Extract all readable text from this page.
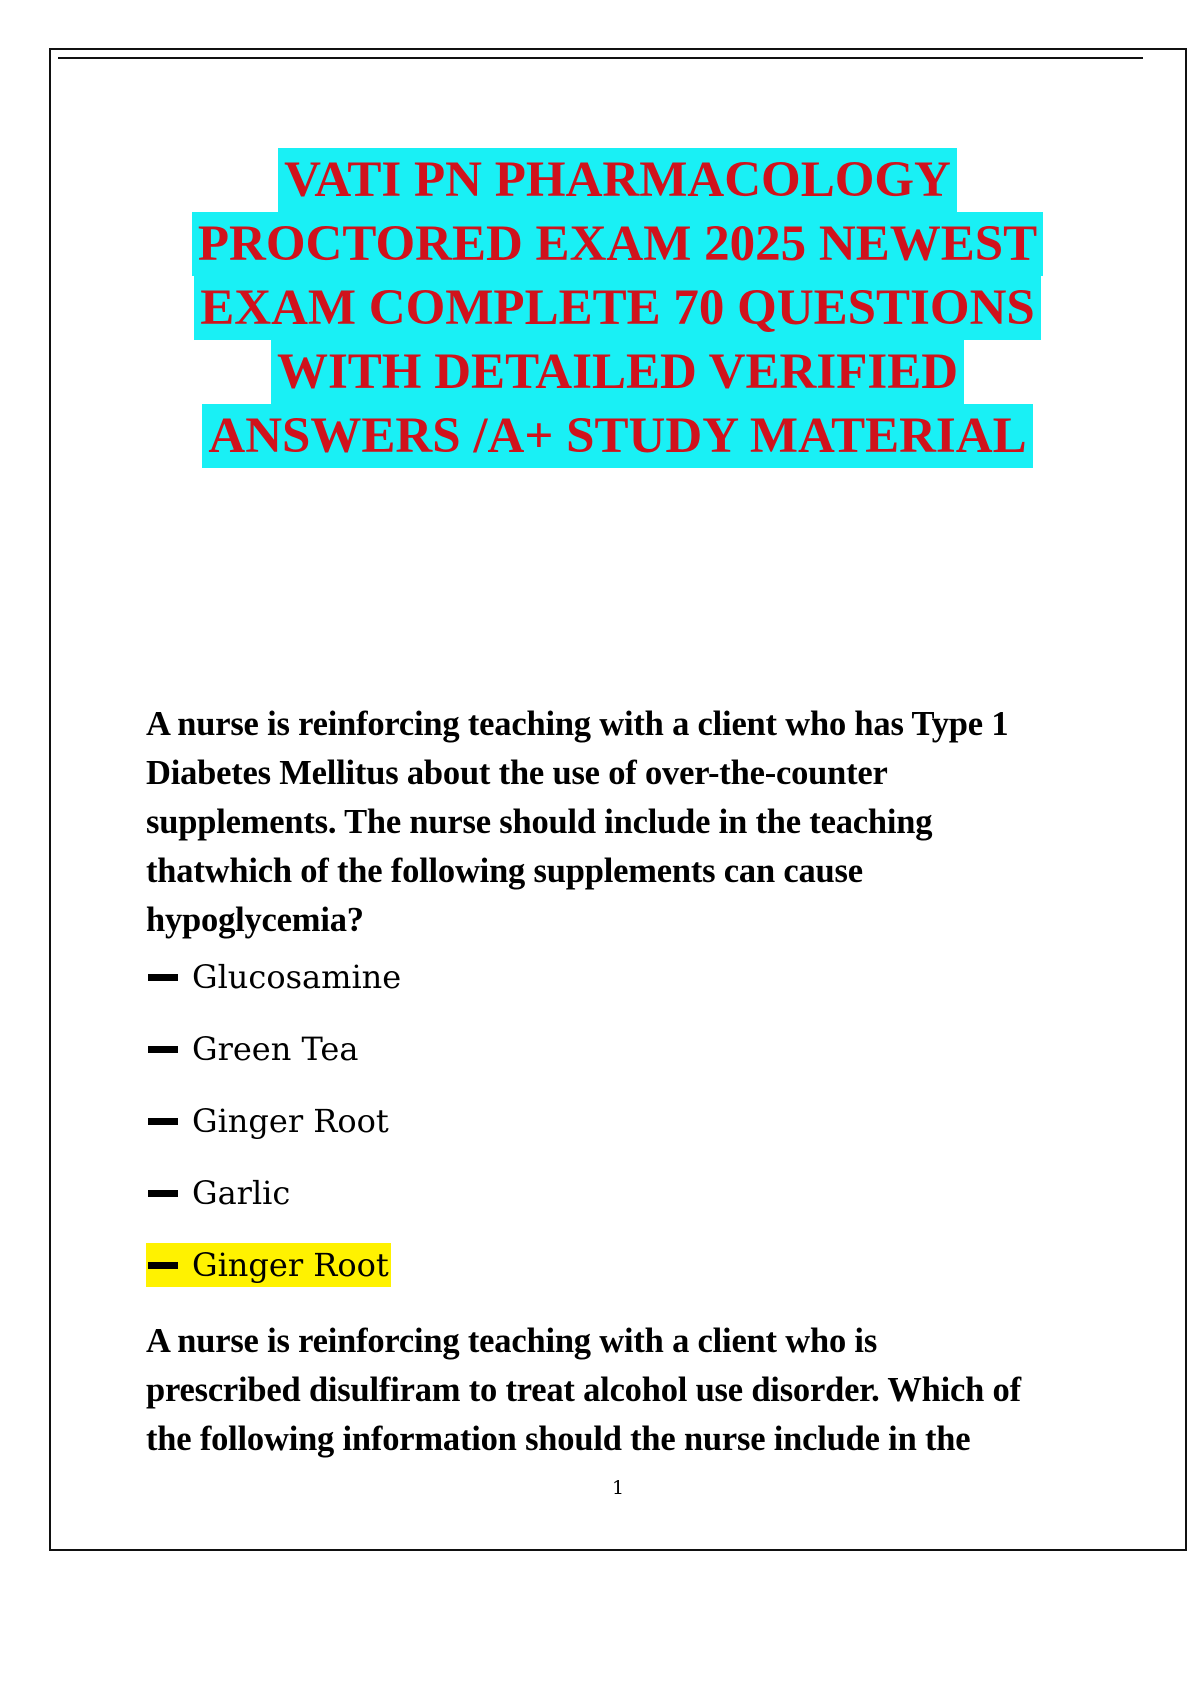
VATI PN PHARMACOLOGY
PROCTORED EXAM 2025 NEWEST
EXAM COMPLETE 70 QUESTIONS
WITH DETAILED VERIFIED
ANSWERS /A+ STUDY MATERIAL

A nurse is reinforcing teaching with a client who has Type 1
Diabetes Mellitus about the use of over-the-counter
supplements. The nurse should include in the teaching
thatwhich of the following supplements can cause
hypoglycemia?

Glucosamine
Green Tea
Ginger Root
Garlic
Ginger Root

A nurse is reinforcing teaching with a client who is
prescribed disulfiram to treat alcohol use disorder. Which of
the following information should the nurse include in the

1
